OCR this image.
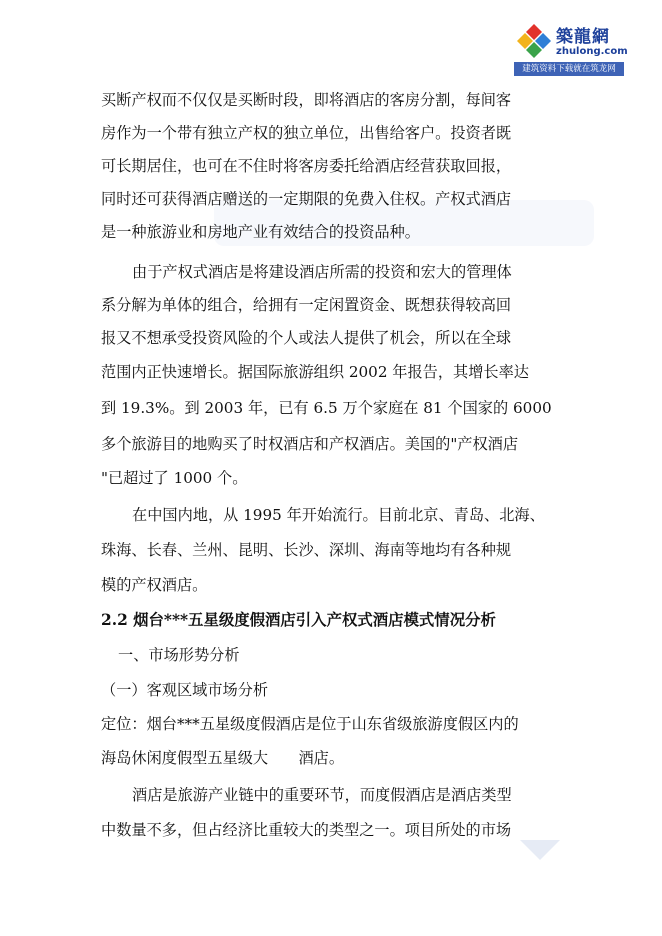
築龍網
zhulong.com
建筑资料下载就在筑龙网
买断产权而不仅仅是买断时段，即将酒店的客房分割，每间客
房作为一个带有独立产权的独立单位，出售给客户。投资者既
可长期居住，也可在不住时将客房委托给酒店经营获取回报，
同时还可获得酒店赠送的一定期限的免费入住权。产权式酒店
是一种旅游业和房地产业有效结合的投资品种。
由于产权式酒店是将建设酒店所需的投资和宏大的管理体
系分解为单体的组合，给拥有一定闲置资金、既想获得较高回
报又不想承受投资风险的个人或法人提供了机会，所以在全球
范围内正快速增长。据国际旅游组织 2002 年报告，其增长率达
到 19.3%。到 2003 年，已有 6.5 万个家庭在 81 个国家的 6000
多个旅游目的地购买了时权酒店和产权酒店。美国的"产权酒店
"已超过了 1000 个。
在中国内地，从 1995 年开始流行。目前北京、青岛、北海、
珠海、长春、兰州、昆明、长沙、深圳、海南等地均有各种规
模的产权酒店。
2.2 烟台***五星级度假酒店引入产权式酒店模式情况分析
一、市场形势分析
（一）客观区域市场分析
定位：烟台***五星级度假酒店是位于山东省级旅游度假区内的
海岛休闲度假型五星级大　　酒店。
酒店是旅游产业链中的重要环节，而度假酒店是酒店类型
中数量不多，但占经济比重较大的类型之一。项目所处的市场
